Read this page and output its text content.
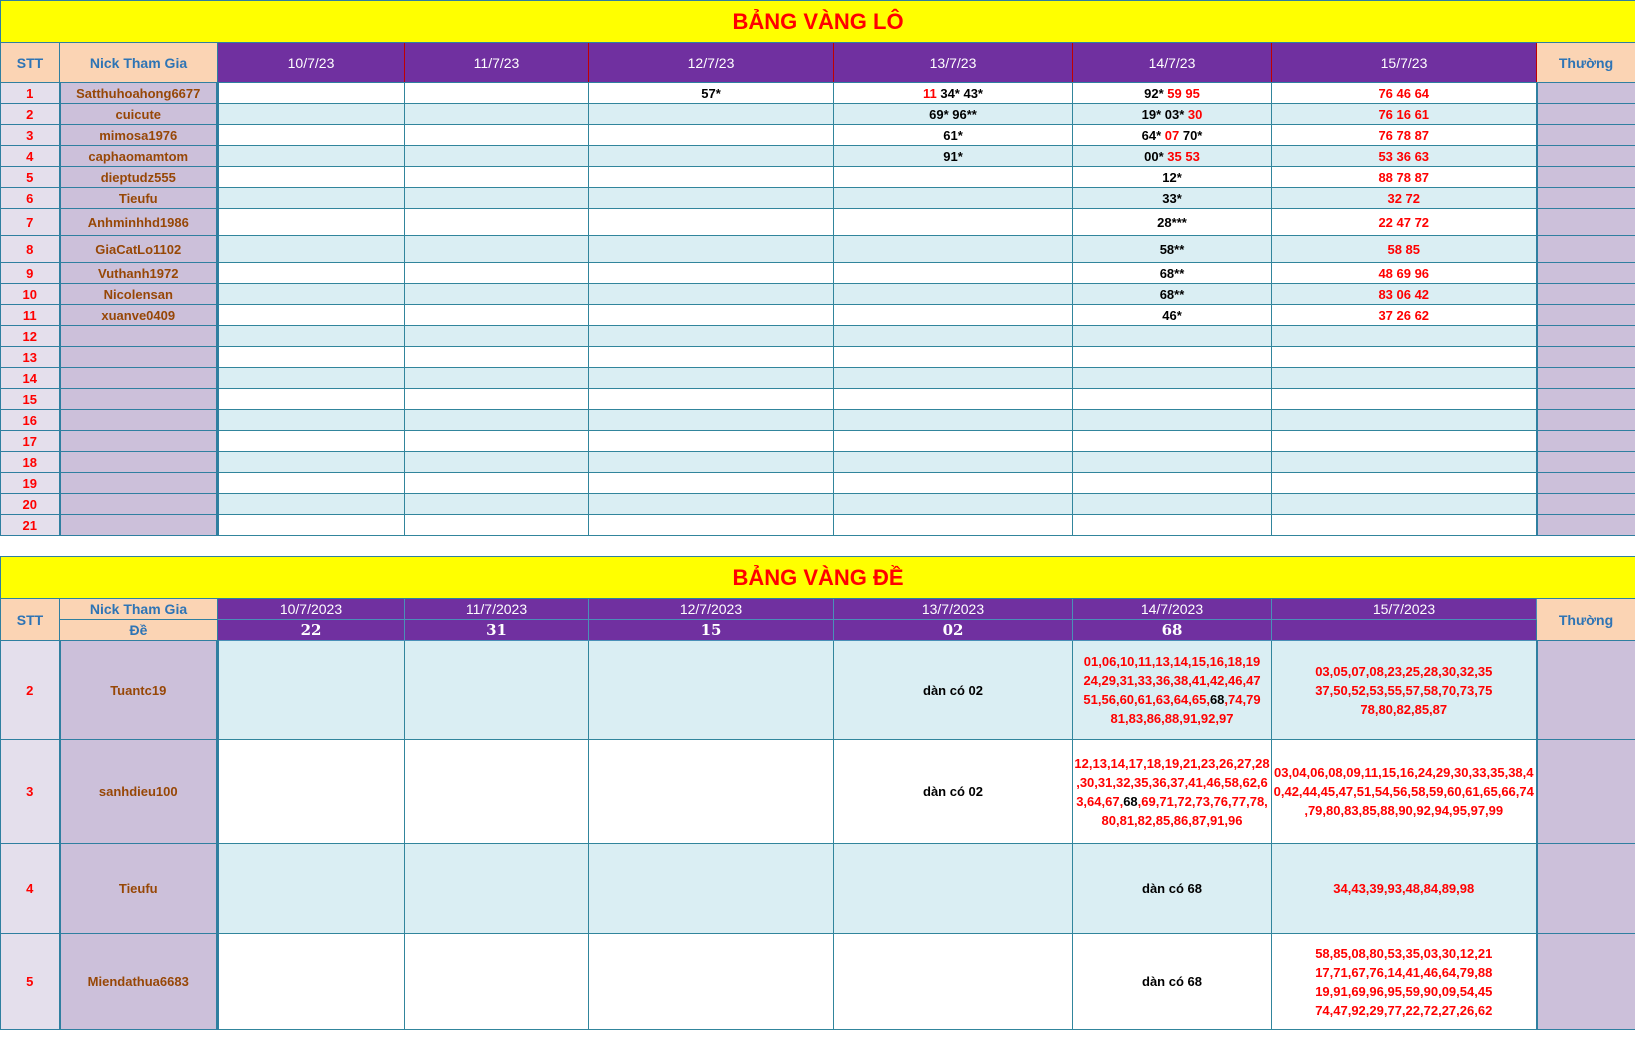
BẢNG VÀNG LÔ								
STT	Nick Tham Gia	10/7/23	11/7/23	12/7/23	13/7/23	14/7/23	15/7/23	Thường
1	Satthuhoahong6677			57*	11 34* 43*	92* 59 95	76 46 64	
2	cuicute				69* 96**	19* 03* 30	76 16 61	
3	mimosa1976				61*	64* 07 70*	76 78 87	
4	caphaomamtom				91*	00* 35 53	53 36 63	
5	dieptudz555					12*	88 78 87	
6	Tieufu					33*	32 72	
7	Anhminhhd1986					28***	22 47 72	
8	GiaCatLo1102					58**	58 85	
9	Vuthanh1972					68**	48 69 96	
10	Nicolensan					68**	83 06 42	
11	xuanve0409					46*	37 26 62	
12								
13								
14								
15								
16								
17								
18								
19								
20								
21								
BẢNG VÀNG ĐỀ								
STT	Nick Tham Gia	10/7/2023	11/7/2023	12/7/2023	13/7/2023	14/7/2023	15/7/2023	Thường
	Đề	22	31	15	02	68		
2	Tuantc19				dàn có 02	01,06,10,11,13,14,15,16,18,19
24,29,31,33,36,38,41,42,46,47
51,56,60,61,63,64,65,68,74,79
81,83,86,88,91,92,97	03,05,07,08,23,25,28,30,32,35
37,50,52,53,55,57,58,70,73,75
78,80,82,85,87	

3	sanhdieu100				dàn có 02	12,13,14,17,18,19,21,23,26,27,28
,30,31,32,35,36,37,41,46,58,62,6
3,64,67,68,69,71,72,73,76,77,78,
80,81,82,85,86,87,91,96	03,04,06,08,09,11,15,16,24,29,30,33,35,38,4
0,42,44,45,47,51,54,56,58,59,60,61,65,66,74
,79,80,83,85,88,90,92,94,95,97,99	

4	Tieufu					dàn có 68	34,43,39,93,48,84,89,98	

5	Miendathua6683					dàn có 68	58,85,08,80,53,35,03,30,12,21
17,71,67,76,14,41,46,64,79,88
19,91,69,96,95,59,90,09,54,45
74,47,92,29,77,22,72,27,26,62	
